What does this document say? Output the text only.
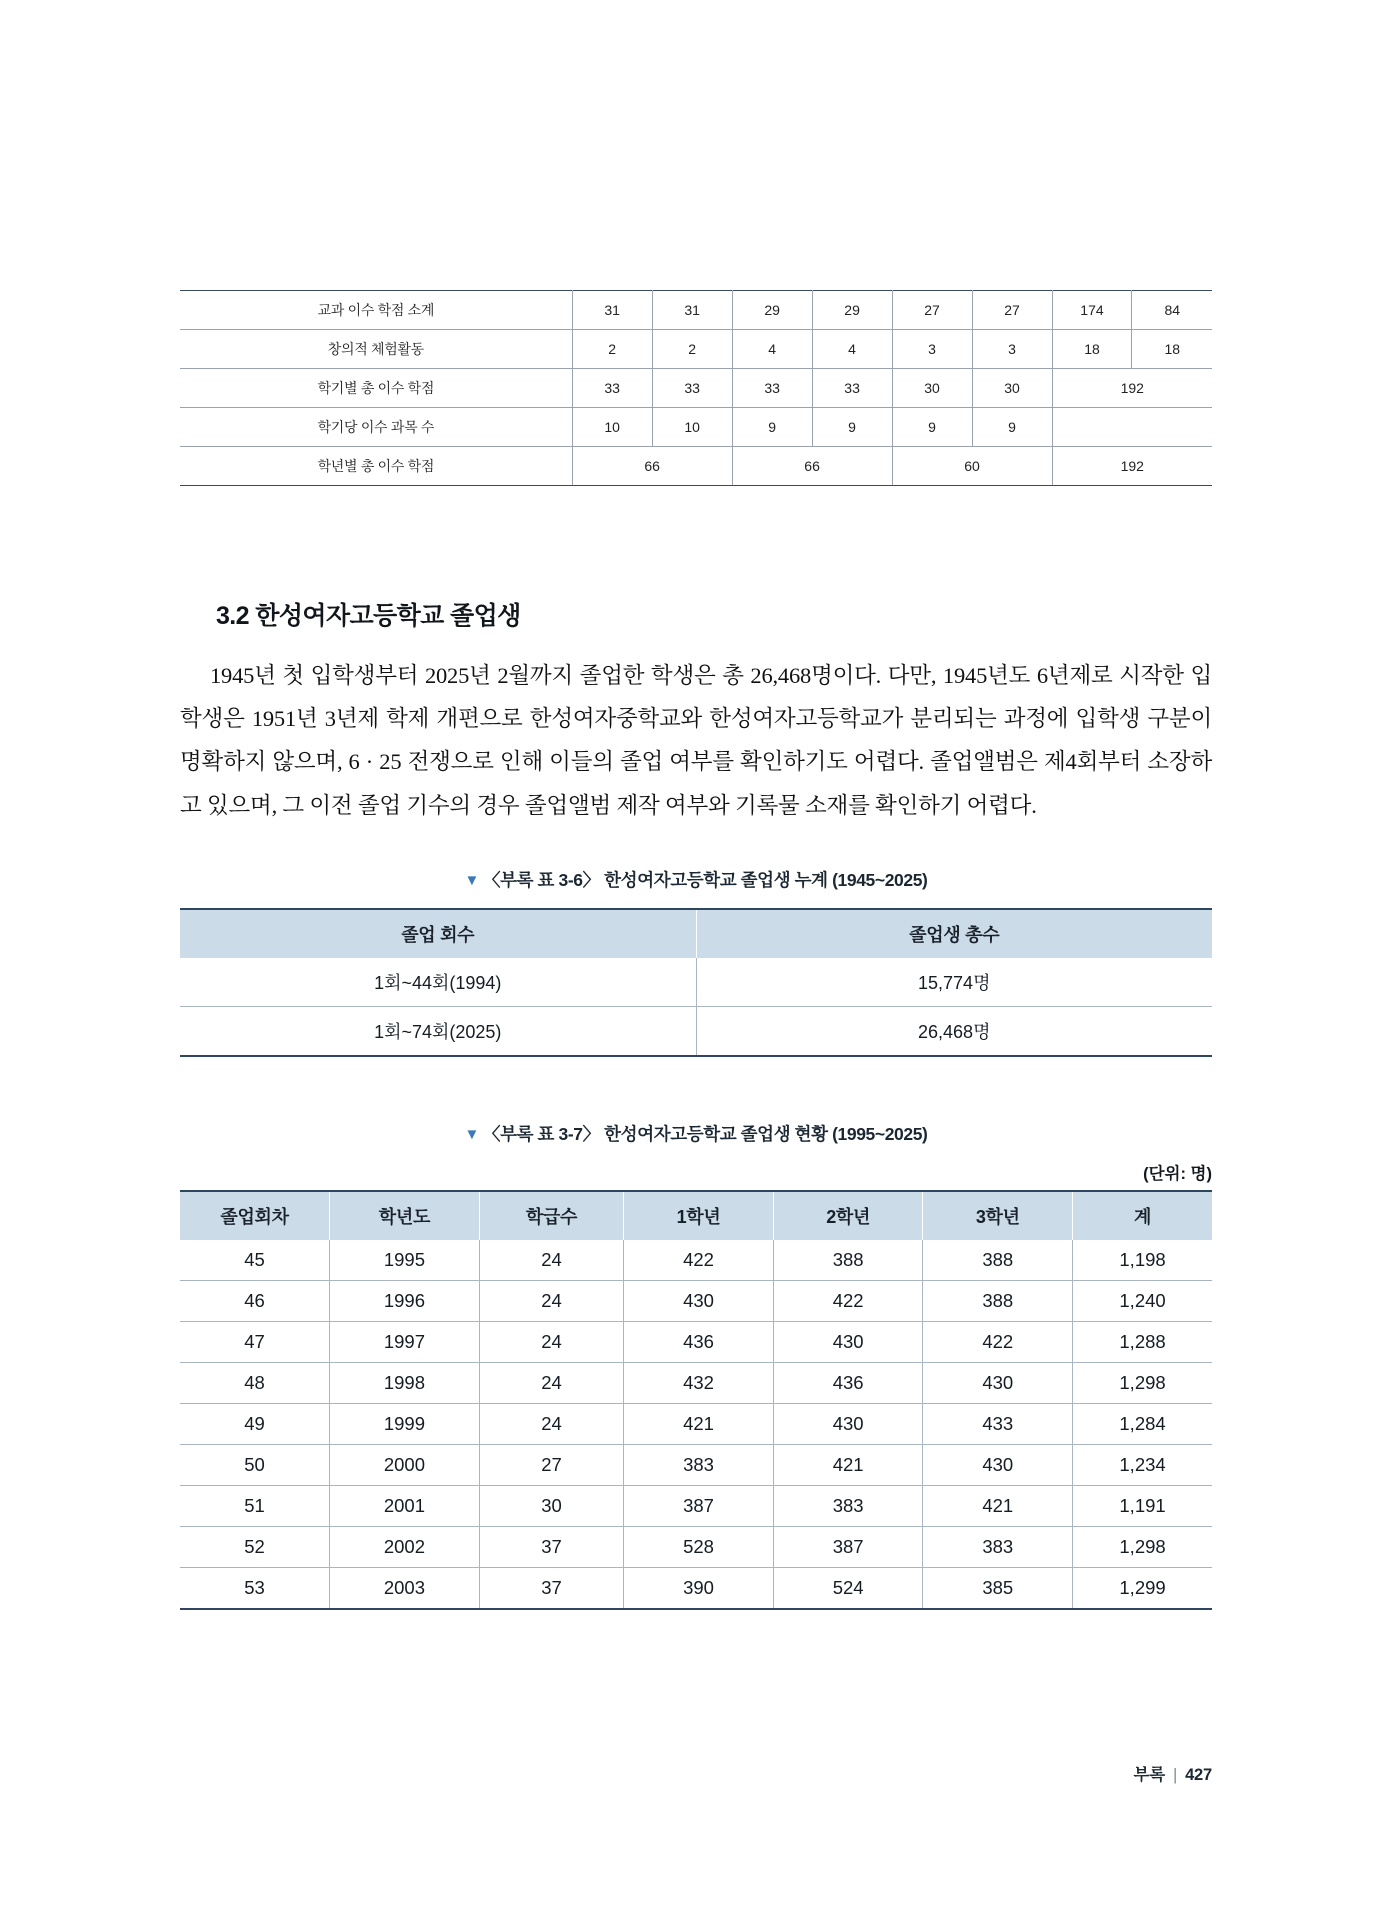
교과 이수 학점 소계	31	31	29	29	27	27	174	84
창의적 체험활동	2	2	4	4	3	3	18	18
학기별 총 이수 학점	33	33	33	33	30	30	192	
학기당 이수 과목 수	10	10	9	9	9	9		
학년별 총 이수 학점	66		66		60		192	
3.2 한성여자고등학교 졸업생

1945년 첫 입학생부터 2025년 2월까지 졸업한 학생은 총 26,468명이다. 다만, 1945년도 6년제로 시작한 입학생은 1951년 3년제 학제 개편으로 한성여자중학교와 한성여자고등학교가 분리되는 과정에 입학생 구분이 명확하지 않으며, 6 · 25 전쟁으로 인해 이들의 졸업 여부를 확인하기도 어렵다. 졸업앨범은 제4회부터 소장하고 있으며, 그 이전 졸업 기수의 경우 졸업앨범 제작 여부와 기록물 소재를 확인하기 어렵다.

▼ 〈부록 표 3-6〉 한성여자고등학교 졸업생 누계 (1945~2025)
졸업 회수	졸업생 총수
1회~44회(1994)	15,774명
1회~74회(2025)	26,468명
▼ 〈부록 표 3-7〉 한성여자고등학교 졸업생 현황 (1995~2025)
(단위: 명)
졸업회차	학년도	학급수	1학년	2학년	3학년	계
45	1995	24	422	388	388	1,198
46	1996	24	430	422	388	1,240
47	1997	24	436	430	422	1,288
48	1998	24	432	436	430	1,298
49	1999	24	421	430	433	1,284
50	2000	27	383	421	430	1,234
51	2001	30	387	383	421	1,191
52	2002	37	528	387	383	1,298
53	2003	37	390	524	385	1,299
부록 | 427
